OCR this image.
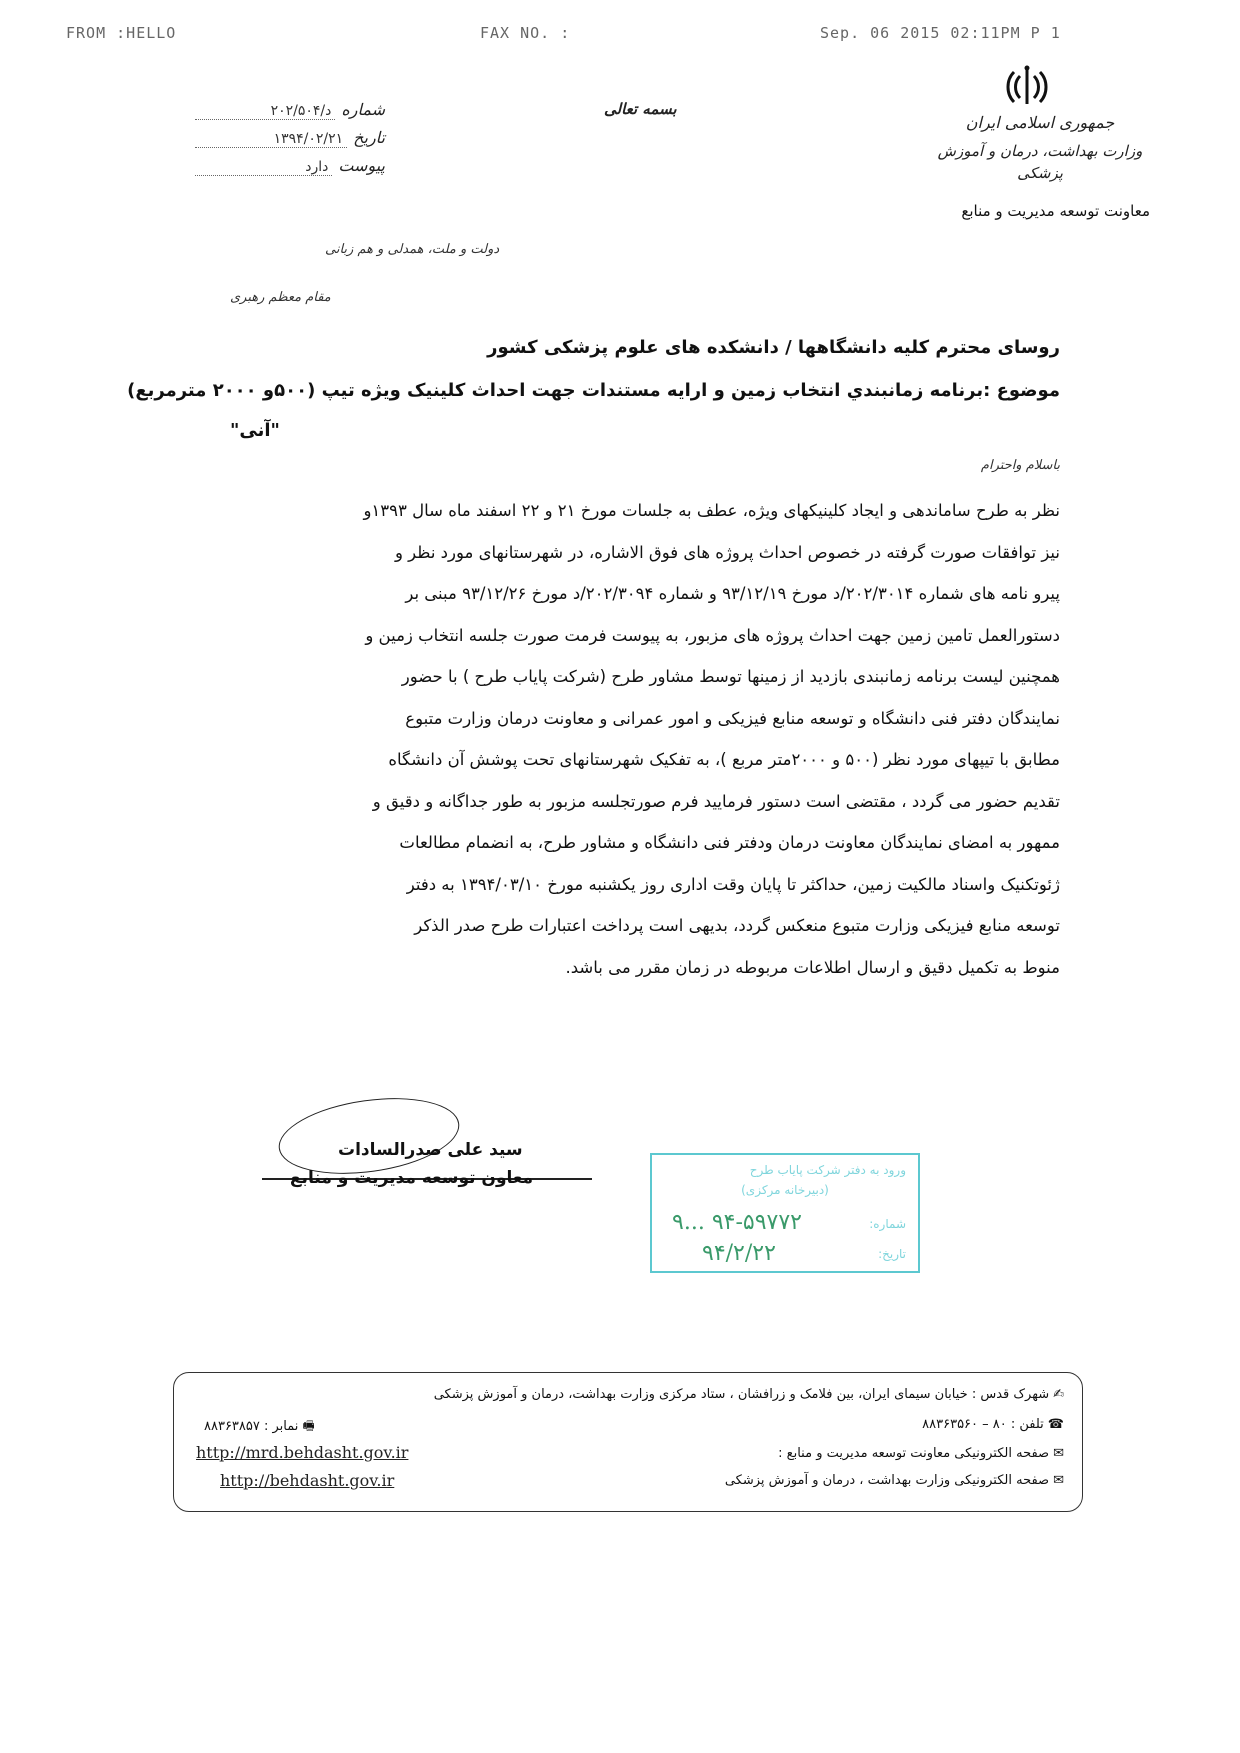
FROM :HELLO	FAX NO. :	Sep. 06 2015 02:11PM P 1
جمهوری اسلامی ایران
وزارت بهداشت، درمان و آموزش پزشکی
معاونت توسعه مدیریت و منابع
بسمه تعالی
شماره
د/۲۰۲/۵۰۴
تاریخ
۱۳۹۴/۰۲/۲۱
پیوست
دارد
دولت و ملت، همدلی و هم زبانی
مقام معظم رهبری
روسای محترم کلیه دانشگاهها / دانشکده های علوم پزشکی کشور
موضوع :برنامه زمانبندي انتخاب زمین و ارایه مستندات جهت احداث کلینیک ویژه تیپ (۵۰۰و ۲۰۰۰ مترمربع)
"آنی"
باسلام واحترام

نظر به طرح ساماندهی و ایجاد کلینیکهای ویژه، عطف به جلسات مورخ ۲۱ و ۲۲ اسفند ماه سال ۱۳۹۳و

نیز توافقات صورت گرفته در خصوص احداث پروژه های فوق الاشاره، در شهرستانهای مورد نظر و

پیرو نامه های شماره ۲۰۲/۳۰۱۴/د مورخ ۹۳/۱۲/۱۹ و شماره ۲۰۲/۳۰۹۴/د مورخ ۹۳/۱۲/۲۶ مبنی بر

دستورالعمل تامین زمین جهت احداث پروژه های مزبور، به پیوست فرمت صورت جلسه انتخاب زمین و

همچنین لیست برنامه زمانبندی بازدید از زمینها توسط مشاور طرح (شرکت پایاب طرح ) با حضور

نمایندگان دفتر فنی دانشگاه و توسعه منابع فیزیکی و امور عمرانی و معاونت درمان وزارت متبوع

مطابق با تیپهای مورد نظر (۵۰۰ و ۲۰۰۰متر مربع )، به تفکیک شهرستانهای تحت پوشش آن دانشگاه

تقدیم حضور می گردد ، مقتضی است دستور فرمایید فرم صورتجلسه مزبور به طور جداگانه و دقیق و

ممهور به امضای نمایندگان معاونت درمان ودفتر فنی دانشگاه و مشاور طرح، به انضمام مطالعات

ژئوتکنیک واسناد مالکیت زمین، حداکثر تا پایان وقت اداری روز یکشنبه مورخ ۱۳۹۴/۰۳/۱۰ به دفتر

توسعه منابع فیزیکی وزارت متبوع منعکس گردد، بدیهی است پرداخت اعتبارات طرح صدر الذکر

منوط به تکمیل دقیق و ارسال اطلاعات مربوطه در زمان مقرر می باشد.

سید علی صدرالسادات
معاون توسعه مدیریت و منابع	ورود به دفتر شرکت پایاب طرح
(دبیرخانه مرکزی)
شماره:
۹۴-۵۹۷۷۲ ...۹
تاریخ:
۹۴/۲/۲۲
✍شهرک قدس : خیابان سیمای ایران، بین فلامک و زرافشان ، ستاد مرکزی وزارت بهداشت، درمان و آموزش پزشکی
☎تلفن : ۸۰ – ۸۸۳۶۳۵۶۰
🖷نمابر : ۸۸۳۶۳۸۵۷
✉صفحه الکترونیکی معاونت توسعه مدیریت و منابع :
✉صفحه الکترونیکی وزارت بهداشت ، درمان و آموزش پزشکی
http://mrd.behdasht.gov.ir
http://behdasht.gov.ir
